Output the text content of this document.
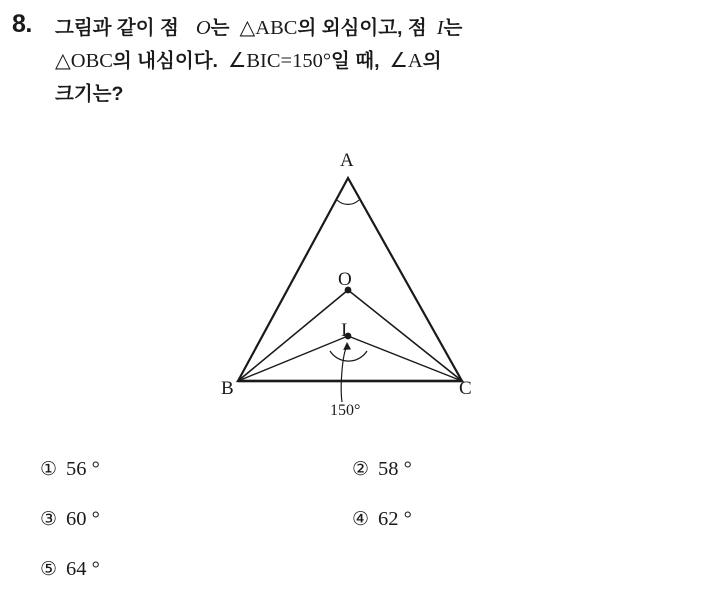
8. 그림과 같이 점 O는 △ABC의 외심이고, 점 I는
△OBC의 내심이다. ∠BIC=150°일 때, ∠A의
크기는?
A
O
I
B	C
150°
① 56 °	② 58 °
③ 60 °	④ 62 °
⑤ 64 °
